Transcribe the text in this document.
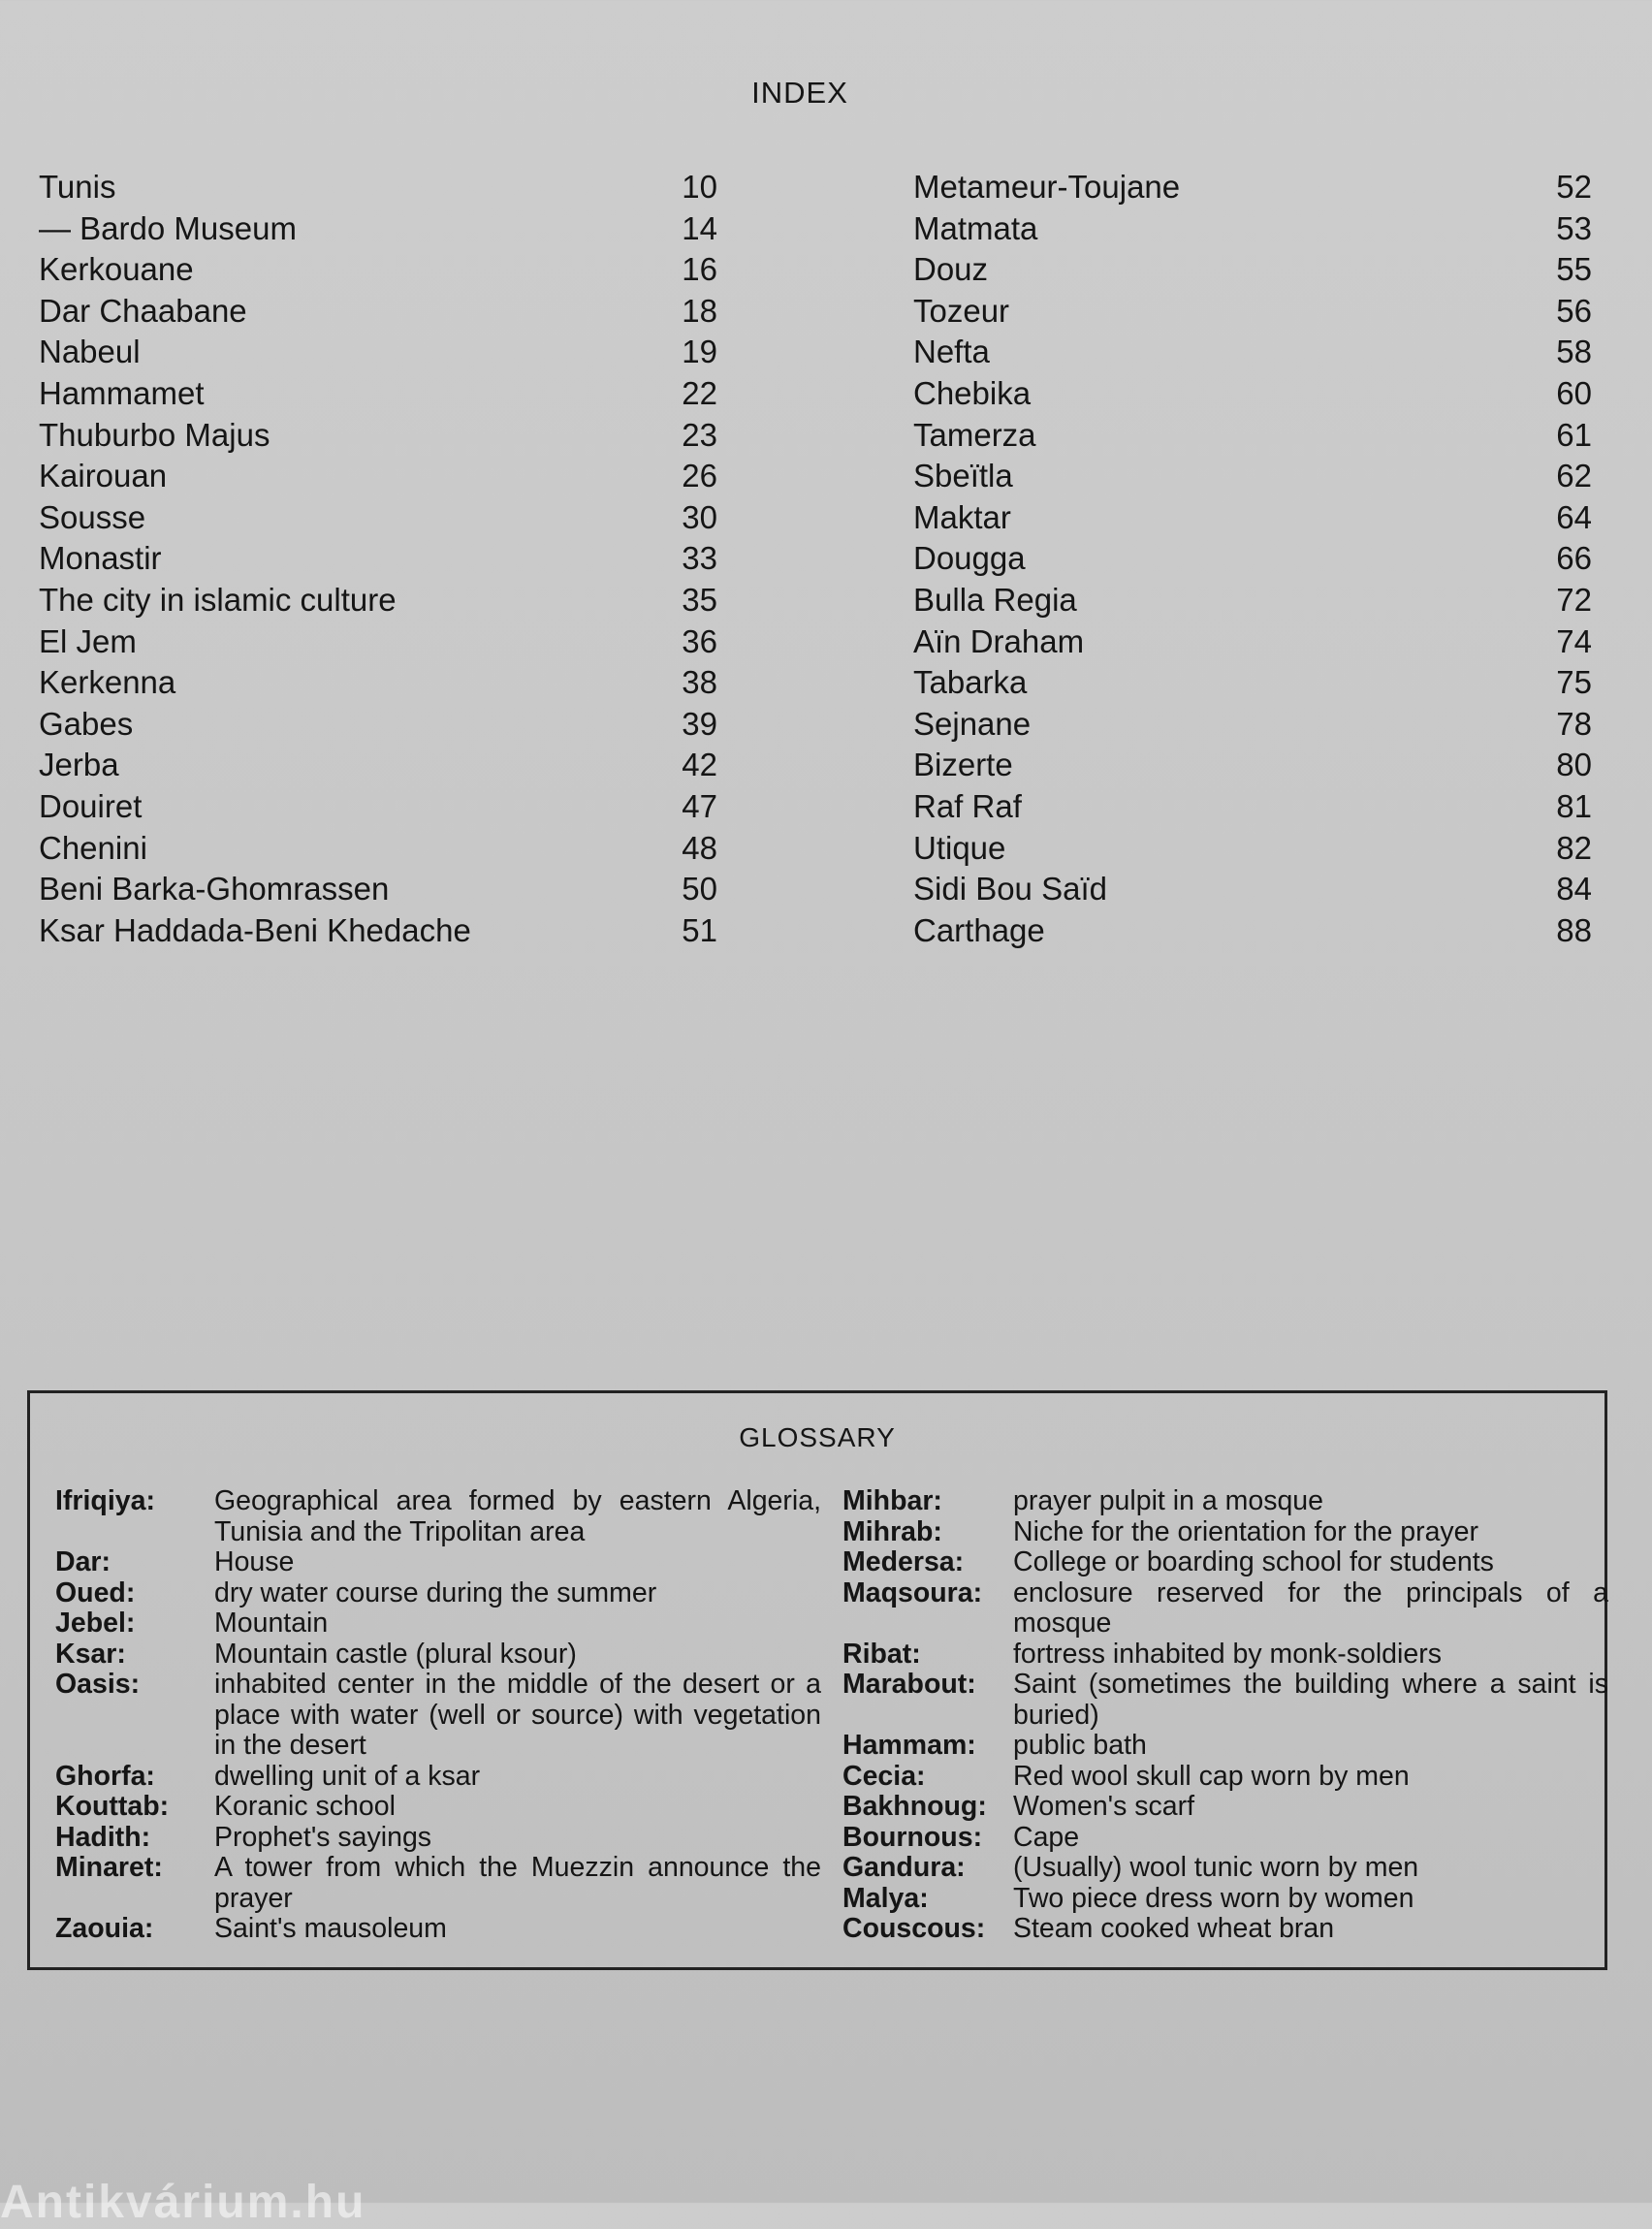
INDEX
Tunis	10
— Bardo Museum	14
Kerkouane	16
Dar Chaabane	18
Nabeul	19
Hammamet	22
Thuburbo Majus	23
Kairouan	26
Sousse	30
Monastir	33
The city in islamic culture	35
El Jem	36
Kerkenna	38
Gabes	39
Jerba	42
Douiret	47
Chenini	48
Beni Barka-Ghomrassen	50
Ksar Haddada-Beni Khedache	51
Metameur-Toujane	52
Matmata	53
Douz	55
Tozeur	56
Nefta	58
Chebika	60
Tamerza	61
Sbeïtla	62
Maktar	64
Dougga	66
Bulla Regia	72
Aïn Draham	74
Tabarka	75
Sejnane	78
Bizerte	80
Raf Raf	81
Utique	82
Sidi Bou Saïd	84
Carthage	88
GLOSSARY
Ifriqiya:	Geographical area formed by eastern Algeria, Tunisia and the Tripolitan area
Dar:	House
Oued:	dry water course during the summer
Jebel:	Mountain
Ksar:	Mountain castle (plural ksour)
Oasis:	inhabited center in the middle of the desert or a place with water (well or source) with vegetation in the desert
Ghorfa:	dwelling unit of a ksar
Kouttab:	Koranic school
Hadith:	Prophet's sayings
Minaret:	A tower from which the Muezzin announce the prayer
Zaouia:	Saint's mausoleum
Mihbar:	prayer pulpit in a mosque
Mihrab:	Niche for the orientation for the prayer
Medersa:	College or boarding school for students
Maqsoura:	enclosure reserved for the principals of a mosque
Ribat:	fortress inhabited by monk-soldiers
Marabout:	Saint (sometimes the building where a saint is buried)
Hammam:	public bath
Cecia:	Red wool skull cap worn by men
Bakhnoug: Women's scarf
Bournous:	Cape
Gandura:	(Usually) wool tunic worn by men
Malya:	Two piece dress worn by women
Couscous:	Steam cooked wheat bran
Antikvárium.hu
